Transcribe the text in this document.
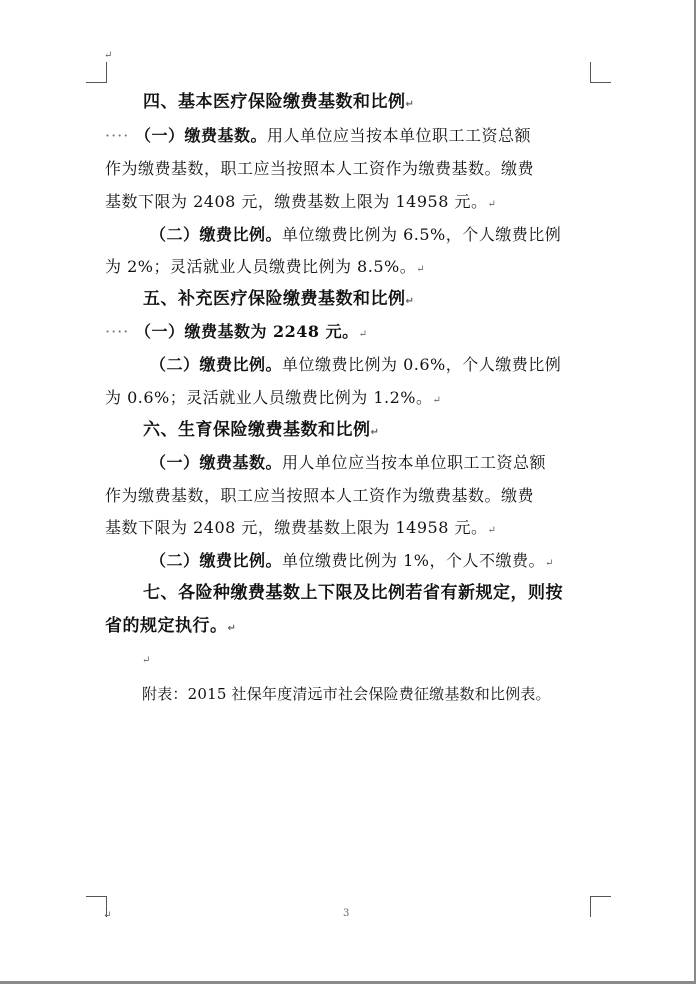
↵
四、基本医疗保险缴费基数和比例↵
···· （一）缴费基数。用人单位应当按本单位职工工资总额
作为缴费基数，职工应当按照本人工资作为缴费基数。缴费
基数下限为 2408 元，缴费基数上限为 14958 元。↵
（二）缴费比例。单位缴费比例为 6.5%，个人缴费比例
为 2%；灵活就业人员缴费比例为 8.5%。↵
五、补充医疗保险缴费基数和比例↵
···· （一）缴费基数为 2248 元。↵
（二）缴费比例。单位缴费比例为 0.6%，个人缴费比例
为 0.6%；灵活就业人员缴费比例为 1.2%。↵
六、生育保险缴费基数和比例↵
（一）缴费基数。用人单位应当按本单位职工工资总额
作为缴费基数，职工应当按照本人工资作为缴费基数。缴费
基数下限为 2408 元，缴费基数上限为 14958 元。↵
（二）缴费比例。单位缴费比例为 1%，个人不缴费。↵
七、各险种缴费基数上下限及比例若省有新规定，则按
省的规定执行。↵
↵
附表：2015 社保年度清远市社会保险费征缴基数和比例表。
↵	3
